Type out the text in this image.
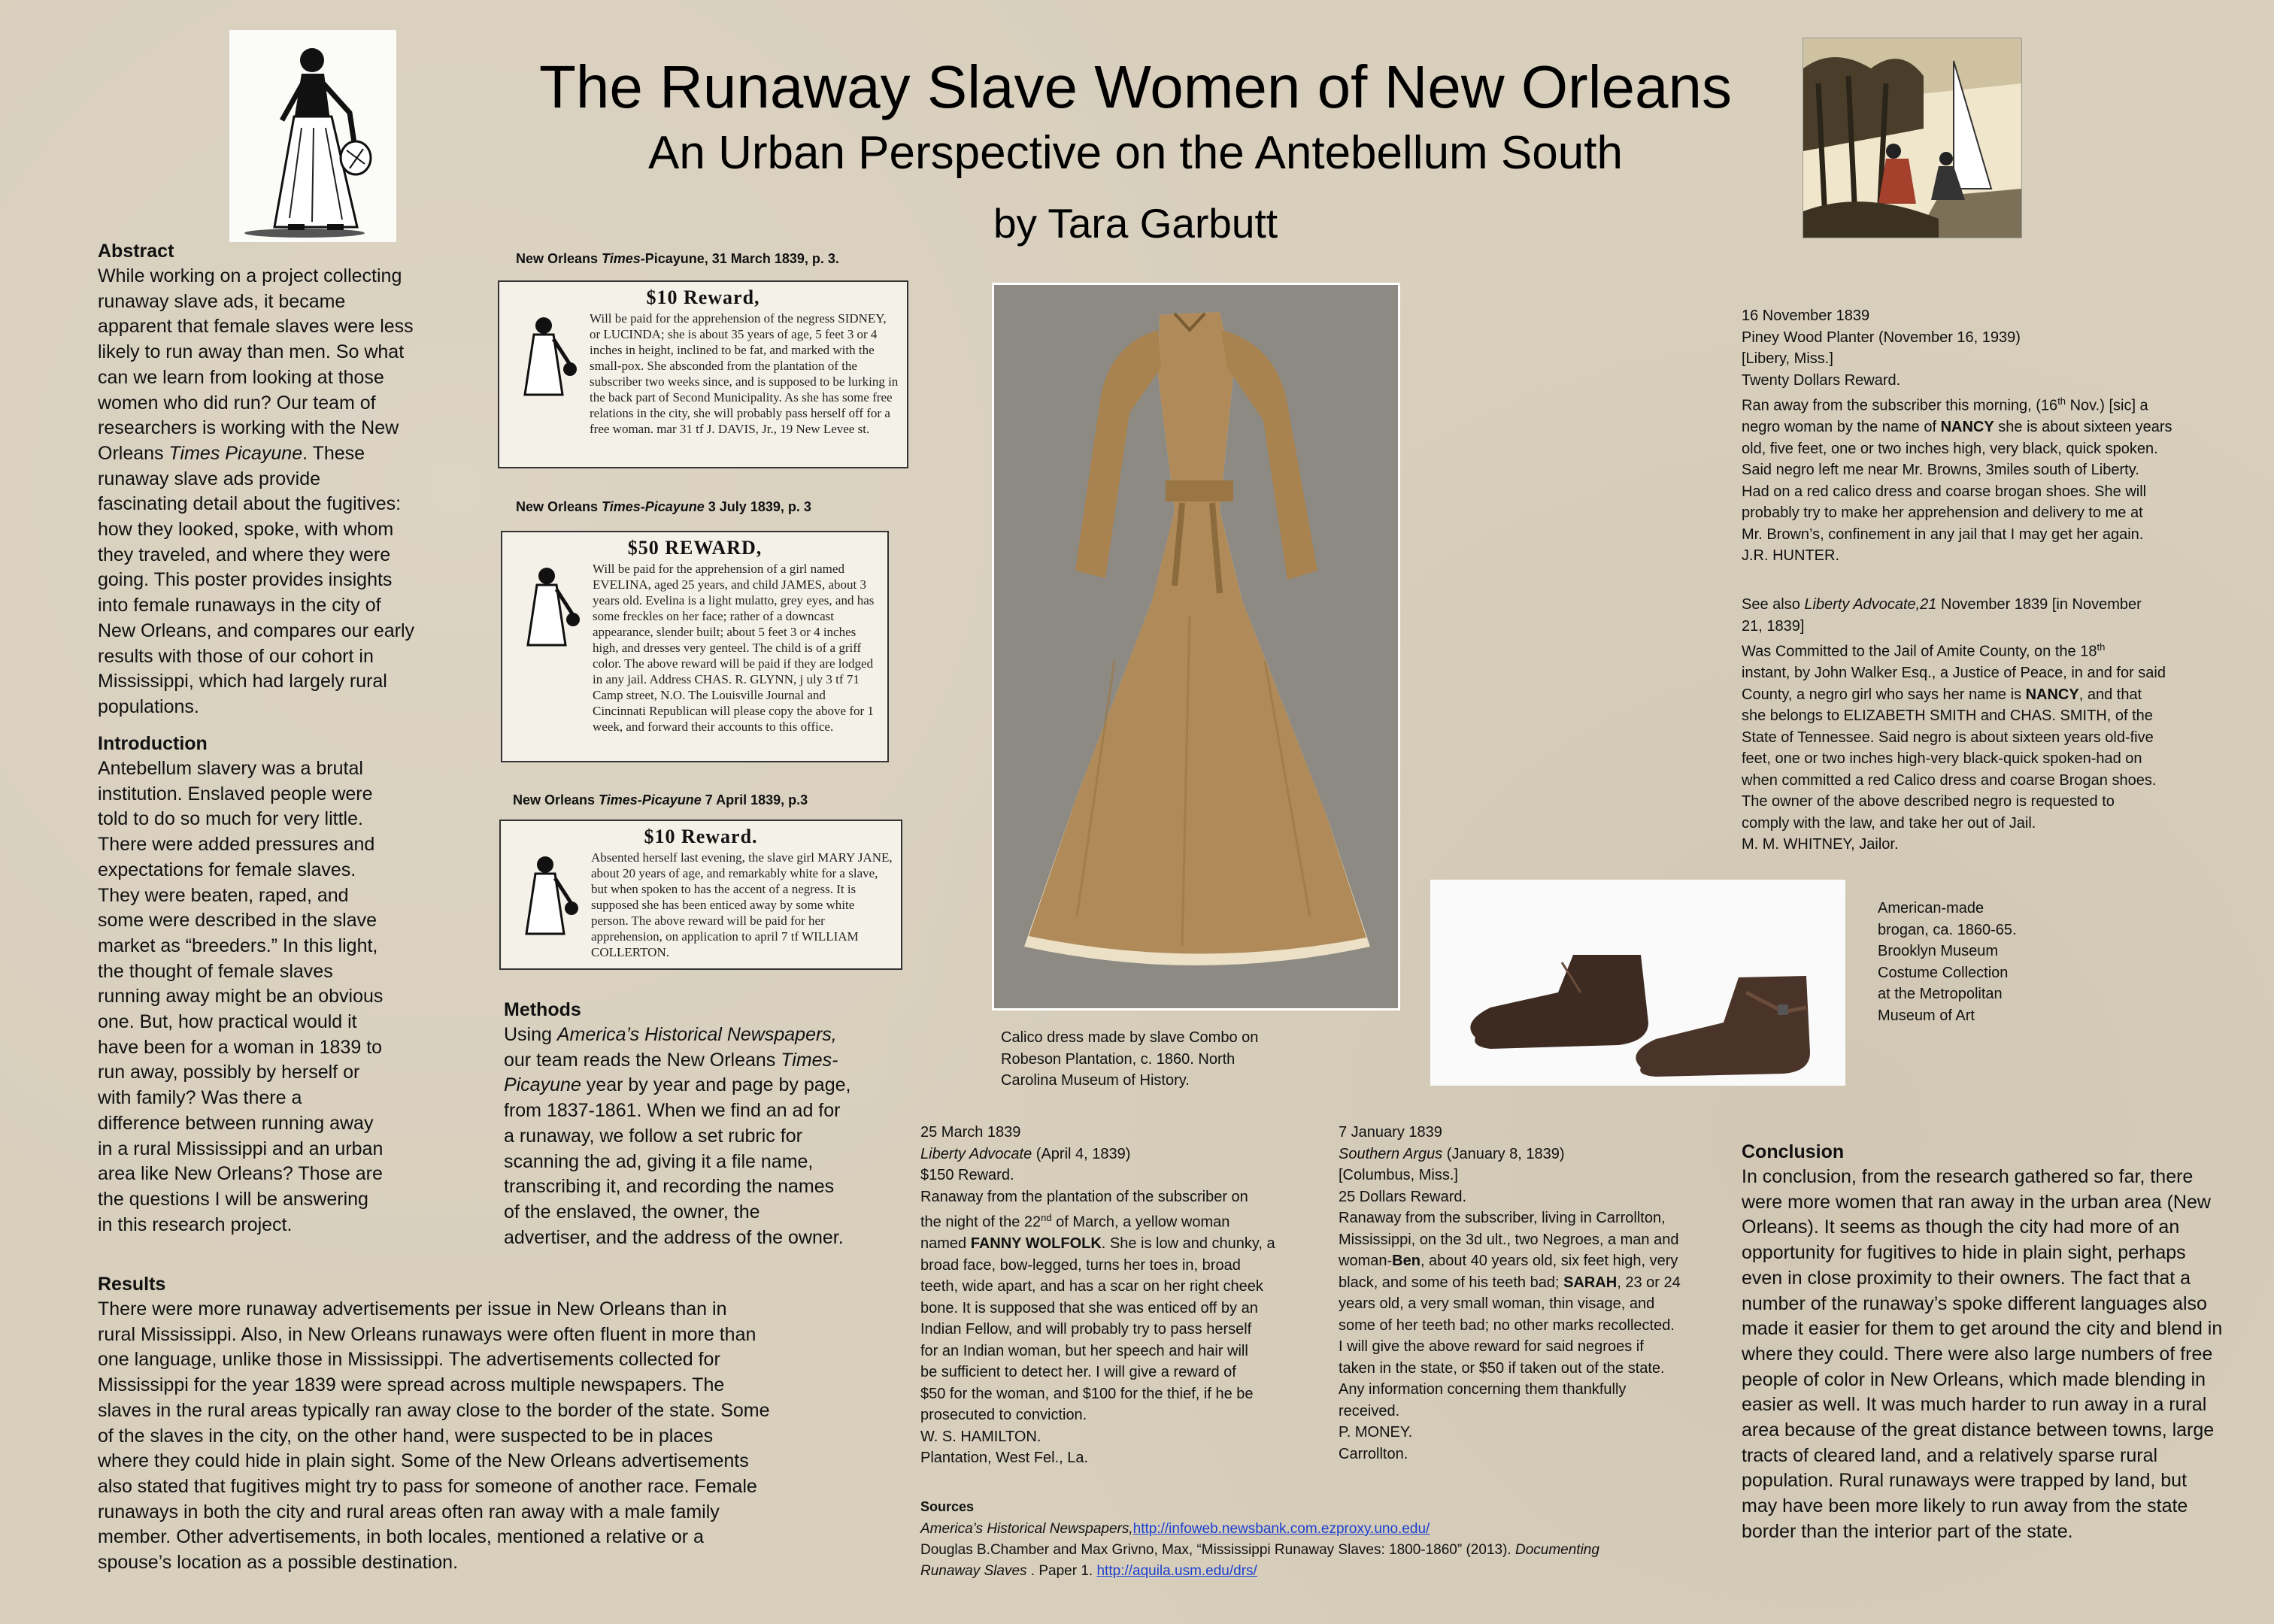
The Runaway Slave Women of New Orleans
An Urban Perspective on the Antebellum South
by Tara Garbutt
Abstract
While working on a project collecting
runaway slave ads, it became
apparent that female slaves were less
likely to run away than men. So what
can we learn from looking at those
women who did run? Our team of
researchers is working with the New
Orleans Times Picayune. These
runaway slave ads provide
fascinating detail about the fugitives:
how they looked, spoke, with whom
they traveled, and where they were
going. This poster provides insights
into female runaways in the city of
New Orleans, and compares our early
results with those of our cohort in
Mississippi, which had largely rural
populations.
Introduction
Antebellum slavery was a brutal
institution. Enslaved people were
told to do so much for very little.
There were added pressures and
expectations for female slaves.
They were beaten, raped, and
some were described in the slave
market as “breeders.” In this light,
the thought of female slaves
running away might be an obvious
one. But, how practical would it
have been for a woman in 1839 to
run away, possibly by herself or
with family? Was there a
difference between running away
in a rural Mississippi and an urban
area like New Orleans? Those are
the questions I will be answering
in this research project.
Results
There were more runaway advertisements per issue in New Orleans than in
rural Mississippi. Also, in New Orleans runaways were often fluent in more than
one language, unlike those in Mississippi. The advertisements collected for
Mississippi for the year 1839 were spread across multiple newspapers. The
slaves in the rural areas typically ran away close to the border of the state. Some
of the slaves in the city, on the other hand, were suspected to be in places
where they could hide in plain sight. Some of the New Orleans advertisements
also stated that fugitives might try to pass for someone of another race. Female
runaways in both the city and rural areas often ran away with a male family
member. Other advertisements, in both locales, mentioned a relative or a
spouse’s location as a possible destination.
New Orleans Times-Picayune, 31 March 1839, p. 3.
$10 Reward,
Will be paid for the apprehension of the negress SIDNEY, or LUCINDA; she is about 35 years of age, 5 feet 3 or 4 inches in height, inclined to be fat, and marked with the small-pox. She absconded from the plantation of the subscriber two weeks since, and is supposed to be lurking in the back part of Second Municipality. As she has some free relations in the city, she will probably pass herself off for a free woman. mar 31 tf J. DAVIS, Jr., 19 New Levee st.
New Orleans Times-Picayune 3 July 1839, p. 3
$50 REWARD,
Will be paid for the apprehension of a girl named EVELINA, aged 25 years, and child JAMES, about 3 years old. Evelina is a light mulatto, grey eyes, and has some freckles on her face; rather of a downcast appearance, slender built; about 5 feet 3 or 4 inches high, and dresses very genteel. The child is of a griff color. The above reward will be paid if they are lodged in any jail. Address CHAS. R. GLYNN, j uly 3 tf 71 Camp street, N.O. The Louisville Journal and Cincinnati Republican will please copy the above for 1 week, and forward their accounts to this office.
New Orleans Times-Picayune 7 April 1839, p.3
$10 Reward.
Absented herself last evening, the slave girl MARY JANE, about 20 years of age, and remarkably white for a slave, but when spoken to has the accent of a negress. It is supposed she has been enticed away by some white person. The above reward will be paid for her apprehension, on application to april 7 tf WILLIAM COLLERTON.
Methods
Using America’s Historical Newspapers,
our team reads the New Orleans Times-
Picayune year by year and page by page,
from 1837-1861. When we find an ad for
a runaway, we follow a set rubric for
scanning the ad, giving it a file name,
transcribing it, and recording the names
of the enslaved, the owner, the
advertiser, and the address of the owner.
Calico dress made by slave Combo on
Robeson Plantation, c. 1860. North
Carolina Museum of History.
American-made
brogan, ca. 1860-65.
Brooklyn Museum
Costume Collection
at the Metropolitan
Museum of Art
16 November 1839
Piney Wood Planter (November 16, 1939)
[Libery, Miss.]
Twenty Dollars Reward.
Ran away from the subscriber this morning, (16th Nov.) [sic] a
negro woman by the name of NANCY she is about sixteen years
old, five feet, one or two inches high, very black, quick spoken.
Said negro left me near Mr. Browns, 3miles south of Liberty.
Had on a red calico dress and coarse brogan shoes. She will
probably try to make her apprehension and delivery to me at
Mr. Brown’s, confinement in any jail that I may get her again.
J.R. HUNTER.
See also Liberty Advocate,21 November 1839 [in November
21, 1839]
Was Committed to the Jail of Amite County, on the 18th
instant, by John Walker Esq., a Justice of Peace, in and for said
County, a negro girl who says her name is NANCY, and that
she belongs to ELIZABETH SMITH and CHAS. SMITH, of the
State of Tennessee. Said negro is about sixteen years old-five
feet, one or two inches high-very black-quick spoken-had on
when committed a red Calico dress and coarse Brogan shoes.
The owner of the above described negro is requested to
comply with the law, and take her out of Jail.
M. M. WHITNEY, Jailor.
25 March 1839
Liberty Advocate (April 4, 1839)
$150 Reward.
Ranaway from the plantation of the subscriber on
the night of the 22nd of March, a yellow woman
named FANNY WOLFOLK. She is low and chunky, a
broad face, bow-legged, turns her toes in, broad
teeth, wide apart, and has a scar on her right cheek
bone. It is supposed that she was enticed off by an
Indian Fellow, and will probably try to pass herself
for an Indian woman, but her speech and hair will
be sufficient to detect her. I will give a reward of
$50 for the woman, and $100 for the thief, if he be
prosecuted to conviction.
W. S. HAMILTON.
Plantation, West Fel., La.
7 January 1839
Southern Argus (January 8, 1839)
[Columbus, Miss.]
25 Dollars Reward.
Ranaway from the subscriber, living in Carrollton,
Mississippi, on the 3d ult., two Negroes, a man and
woman-Ben, about 40 years old, six feet high, very
black, and some of his teeth bad; SARAH, 23 or 24
years old, a very small woman, thin visage, and
some of her teeth bad; no other marks recollected.
I will give the above reward for said negroes if
taken in the state, or $50 if taken out of the state.
Any information concerning them thankfully
received.
P. MONEY.
Carrollton.
Conclusion
In conclusion, from the research gathered so far, there
were more women that ran away in the urban area (New
Orleans). It seems as though the city had more of an
opportunity for fugitives to hide in plain sight, perhaps
even in close proximity to their owners. The fact that a
number of the runaway’s spoke different languages also
made it easier for them to get around the city and blend in
where they could. There were also large numbers of free
people of color in New Orleans, which made blending in
easier as well. It was much harder to run away in a rural
area because of the great distance between towns, large
tracts of cleared land, and a relatively sparse rural
population. Rural runaways were trapped by land, but
may have been more likely to run away from the state
border than the interior part of the state.
Sources
America’s Historical Newspapers,http://infoweb.newsbank.com.ezproxy.uno.edu/
Douglas B.Chamber and Max Grivno, Max, “Mississippi Runaway Slaves: 1800-1860” (2013). Documenting
Runaway Slaves . Paper 1. http://aquila.usm.edu/drs/
